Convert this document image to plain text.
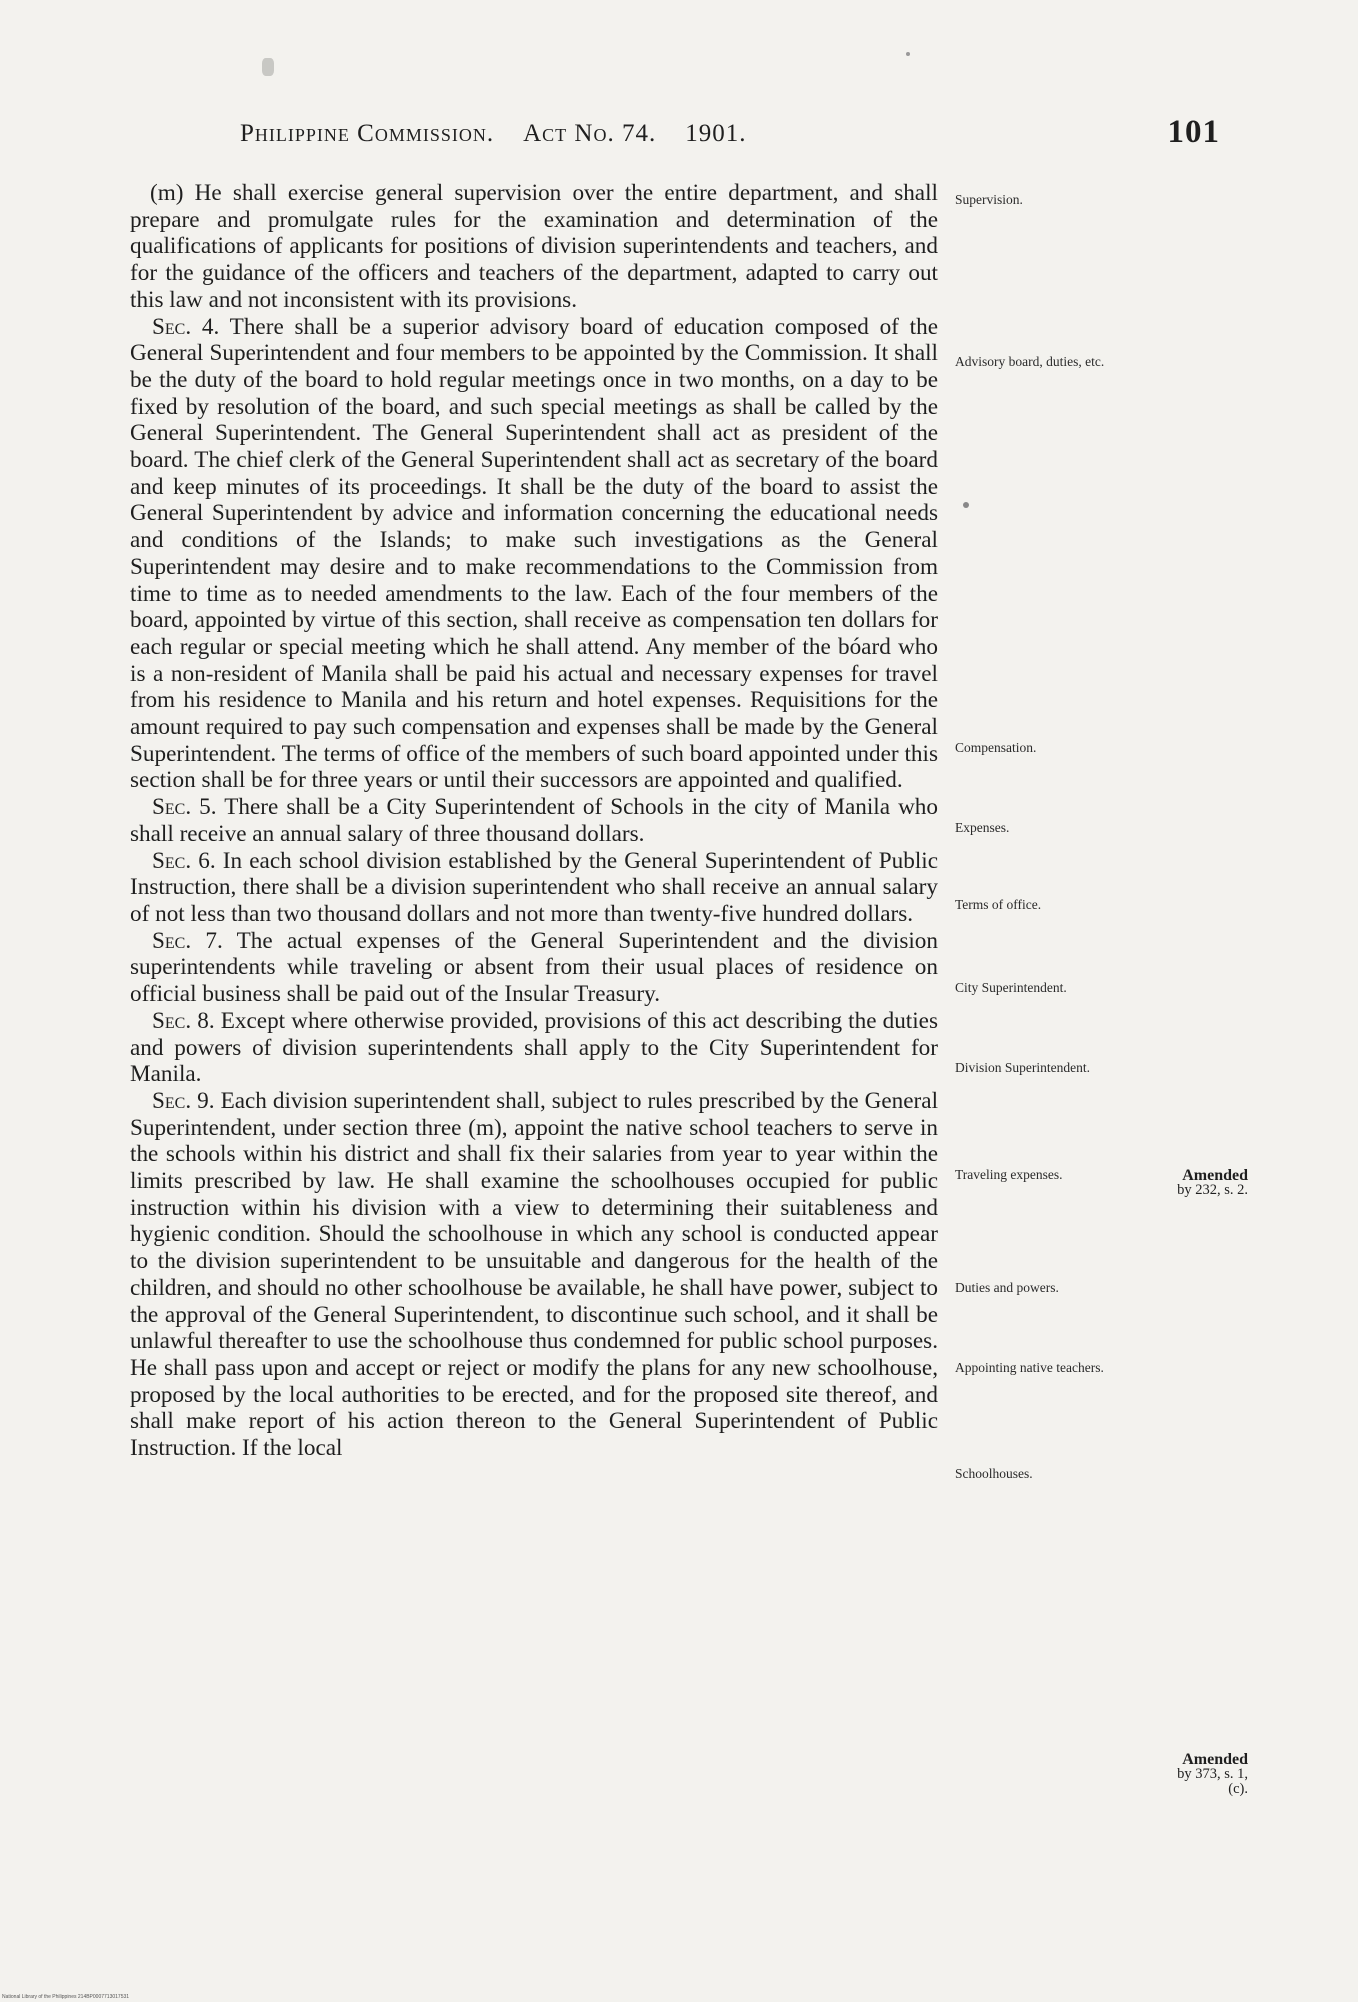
Philippine Commission. Act No. 74. 1901.	101

(m) He shall exercise general supervision over the entire department, and shall prepare and promulgate rules for the examination and determination of the qualifications of applicants for positions of division superintendents and teachers, and for the guidance of the officers and teachers of the department, adapted to carry out this law and not inconsistent with its provisions.

Sec. 4. There shall be a superior advisory board of education composed of the General Superintendent and four members to be appointed by the Commission. It shall be the duty of the board to hold regular meetings once in two months, on a day to be fixed by resolution of the board, and such special meetings as shall be called by the General Superintendent. The General Superintendent shall act as president of the board. The chief clerk of the General Superintendent shall act as secretary of the board and keep minutes of its proceedings. It shall be the duty of the board to assist the General Superintendent by advice and information concerning the educational needs and conditions of the Islands; to make such investigations as the General Superintendent may desire and to make recommendations to the Commission from time to time as to needed amendments to the law. Each of the four members of the board, appointed by virtue of this section, shall receive as compensation ten dollars for each regular or special meeting which he shall attend. Any member of the bóard who is a non-resident of Manila shall be paid his actual and necessary expenses for travel from his residence to Manila and his return and hotel expenses. Requisitions for the amount required to pay such compensation and expenses shall be made by the General Superintendent. The terms of office of the members of such board appointed under this section shall be for three years or until their successors are appointed and qualified.

Sec. 5. There shall be a City Superintendent of Schools in the city of Manila who shall receive an annual salary of three thousand dollars.

Sec. 6. In each school division established by the General Superintendent of Public Instruction, there shall be a division superintendent who shall receive an annual salary of not less than two thousand dollars and not more than twenty-five hundred dollars.

Sec. 7. The actual expenses of the General Superintendent and the division superintendents while traveling or absent from their usual places of residence on official business shall be paid out of the Insular Treasury.

Sec. 8. Except where otherwise provided, provisions of this act describing the duties and powers of division superintendents shall apply to the City Superintendent for Manila.

Sec. 9. Each division superintendent shall, subject to rules prescribed by the General Superintendent, under section three (m), appoint the native school teachers to serve in the schools within his district and shall fix their salaries from year to year within the limits prescribed by law. He shall examine the schoolhouses occupied for public instruction within his division with a view to determining their suitableness and hygienic condition. Should the schoolhouse in which any school is conducted appear to the division superintendent to be unsuitable and dangerous for the health of the children, and should no other schoolhouse be available, he shall have power, subject to the approval of the General Superintendent, to discontinue such school, and it shall be unlawful thereafter to use the schoolhouse thus condemned for public school purposes. He shall pass upon and accept or reject or modify the plans for any new schoolhouse, proposed by the local authorities to be erected, and for the proposed site thereof, and shall make report of his action thereon to the General Superintendent of Public Instruction. If the local

Supervision.
Advisory board, duties, etc.
Compensation.
Expenses.
Terms of office.
City Superintendent.
Division Superintendent.
Traveling expenses.
Duties and powers.
Appointing native teachers.
Schoolhouses.
Amended
by 232, s. 2.
Amended
by 373, s. 1,
(c).
National Library of the Philippines 214BP0007713017531
